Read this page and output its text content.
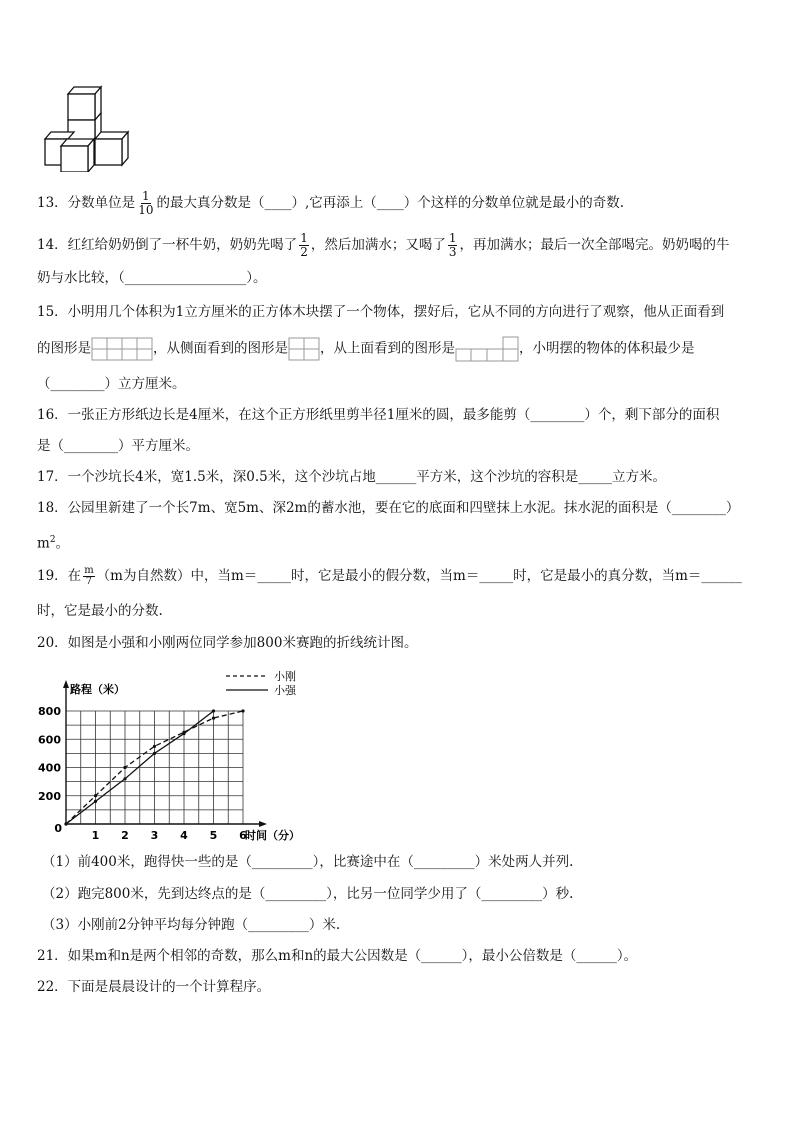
13．分数单位是 $\frac{1}{10}$ 的最大真分数是（____）,它再添上（____）个这样的分数单位就是最小的奇数.
14．红红给奶奶倒了一杯牛奶，奶奶先喝了 $\frac{1}{2}$ ，然后加满水；又喝了 $\frac{1}{3}$ ，再加满水；最后一次全部喝完。奶奶喝的牛
奶与水比较，（__________________）。
15．小明用几个体积为1立方厘米的正方体木块摆了一个物体，摆好后，它从不同的方向进行了观察，他从正面看到
的图形是	，从侧面看到的图形是 ，从上面看到的图形是	，小明摆的物体的体积最少是
（________）立方厘米。
16．一张正方形纸边长是4厘米，在这个正方形纸里剪半径1厘米的圆，最多能剪（________）个，剩下部分的面积
是（________）平方厘米。
17．一个沙坑长4米，宽1.5米，深0.5米，这个沙坑占地______平方米，这个沙坑的容积是_____立方米。
18．公园里新建了一个长7m、宽5m、深2m的蓄水池，要在它的底面和四壁抹上水泥。抹水泥的面积是（________）
$m^2$。
19．在 $\frac{m}{7} (m$为自然数）中，当m＝_____时，它是最小的假分数，当m＝_____时，它是最小的真分数，当m＝______
时，它是最小的分数.
20．如图是小强和小刚两位同学参加800米赛跑的折线统计图。
1 2 3 4 5 6
0
200
400
600
800
时间（分）
路程（米）
小刚
小强
（1）前400米，跑得快一些的是（_________），比赛途中在（_________）米处两人并列.
（2）跑完800米，先到达终点的是（_________），比另一位同学少用了（_________）秒.
（3）小刚前2分钟平均每分钟跑（_________）米.
21．如果m和n是两个相邻的奇数，那么m和n的最大公因数是（______），最小公倍数是（______）。
22．下面是晨晨设计的一个计算程序。
